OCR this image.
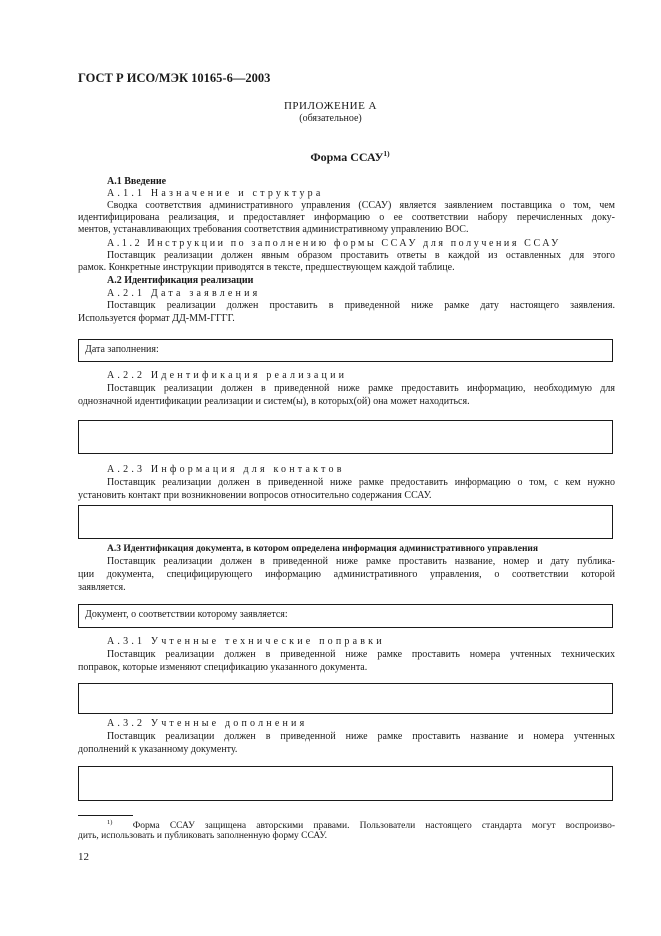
ГОСТ Р ИСО/МЭК 10165-6—2003
ПРИЛОЖЕНИЕ А
(обязательное)
Форма ССАУ$^{1)}$
А.1 Введение
А.1.1 Назначение и структура
Сводка соответствия административного управления (ССАУ) является заявлением поставщика о том, чем
идентифицирована реализация, и предоставляет информацию о ее соответствии набору перечисленных доку-
ментов, устанавливающих требования соответствия административному управлению ВОС.
А.1.2 Инструкции по заполнению формы ССАУ для получения ССАУ
Поставщик реализации должен явным образом проставить ответы в каждой из оставленных для этого
рамок. Конкретные инструкции приводятся в тексте, предшествующем каждой таблице.
А.2 Идентификация реализации
А.2.1 Дата заявления
Поставщик реализации должен проставить в приведенной ниже рамке дату настоящего заявления.
Используется формат ДД-ММ-ГГГГ.
Дата заполнения:
А.2.2 Идентификация реализации
Поставщик реализации должен в приведенной ниже рамке предоставить информацию, необходимую для
однозначной идентификации реализации и систем(ы), в которых(ой) она может находиться.
А.2.3 Информация для контактов
Поставщик реализации должен в приведенной ниже рамке предоставить информацию о том, с кем нужно
установить контакт при возникновении вопросов относительно содержания ССАУ.
А.3 Идентификация документа, в котором определена информация административного управления
Поставщик реализации должен в приведенной ниже рамке проставить название, номер и дату публика-
ции документа, специфицирующего информацию административного управления, о соответствии которой
заявляется.
Документ, о соответствии которому заявляется:
А.3.1 Учтенные технические поправки
Поставщик реализации должен в приведенной ниже рамке проставить номера учтенных технических
поправок, которые изменяют спецификацию указанного документа.
А.3.2 Учтенные дополнения
Поставщик реализации должен в приведенной ниже рамке проставить название и номера учтенных
дополнений к указанному документу.
$^{1)}$ Форма ССАУ защищена авторскими правами. Пользователи настоящего стандарта могут воспроизво-
дить, использовать и публиковать заполненную форму ССАУ.
12
